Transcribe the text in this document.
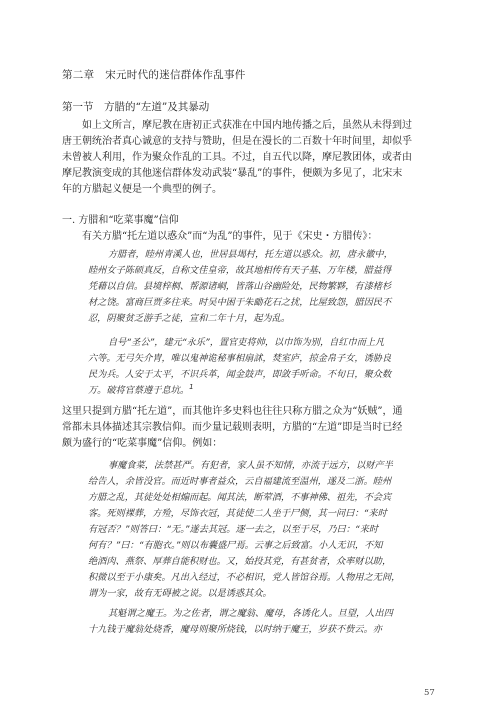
第二章　宋元时代的迷信群体作乱事件
第一节　方腊的“左道”及其暴动

如上文所言，摩尼教在唐初正式获准在中国内地传播之后，虽然从未得到过
唐王朝统治者真心诚意的支持与赞助，但是在漫长的二百数十年时间里，却似乎
未曾被人利用，作为聚众作乱的工具。不过，自五代以降，摩尼教团体，或者由
摩尼教演变成的其他迷信群体发动武装“暴乱”的事件，便颇为多见了，北宋末
年的方腊起义便是一个典型的例子。

一. 方腊和“吃菜事魔”信仰

有关方腊“托左道以惑众”而“为乱”的事件，见于《宋史・方腊传》：

方腊者，睦州青溪人也，世居县堨村，托左道以惑众。初，唐永徽中，
睦州女子陈硕真反，自称文佳皇帝，故其地相传有天子基、万年楼，腊益得
凭藉以自信。县境梓桐、帮源诸峒，皆落山谷幽险处，民物繁夥，有漆楮杉
材之饶。富商巨贾多往来。时吴中困于朱勔花石之扰，比屋致怨，腊因民不
忍，阴聚贫乏游手之徒，宣和二年十月，起为乱。
自号“圣公”，建元“永乐”，置官吏将帅，以巾饰为别，自红巾而上凡
六等。无弓矢介胄，唯以鬼神诡秘事相扇訹，焚室庐，掠金帛子女，诱胁良
民为兵。人安于太平，不识兵革，闻金鼓声，即敛手听命。不旬日，聚众数
万。破将官蔡遵于息坑。$^1$

这里只提到方腊“托左道”，而其他许多史料也往往只称方腊之众为“妖贼”，通
常都未具体描述其宗教信仰。而少量记载则表明，方腊的“左道”即是当时已经
颇为盛行的“吃菜事魔”信仰。例如：

事魔食菜，法禁甚严。有犯者，家人虽不知情，亦流于远方，以财产半
给告人，余皆没官。而近时事者益众，云自福建流至温州，遂及二浙。睦州
方腊之乱，其徒处处相煽而起。闻其法，断荤酒，不事神佛、祖先，不会宾
客。死则裸葬，方殓，尽饰衣冠，其徒使二人坐于尸侧，其一问曰：“来时
有冠否？”则答曰：“无。”遂去其冠。逐一去之，以至于尽，乃曰：“来时
何有？”曰：“有胞衣。”则以布囊盛尸焉。云事之后致富。小人无识，不知
绝酒肉、燕祭、厚葬自能积财也。又，始投其党，有甚贫者，众率财以助，
积微以至于小康矣。凡出入经过，不必相识，党人皆馆谷焉。人物用之无间，
谓为一家，故有无碍被之说。以是诱惑其众。
其魁谓之魔王。为之佐者，谓之魔翁、魔母，各诱化人。旦望，人出四
十九钱于魔翁处烧香，魔母则聚所烧钱，以时纳于魔王，岁获不赀云。亦
57
